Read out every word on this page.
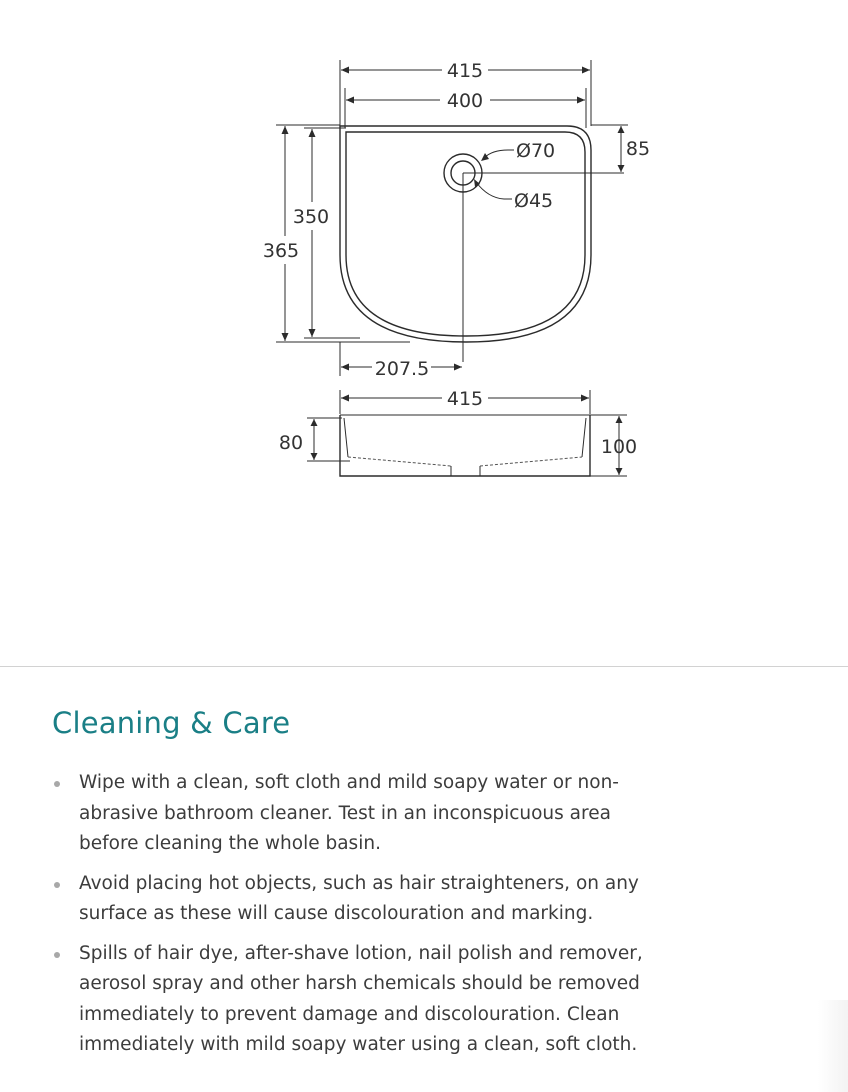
415
400
365
350
85
207.5
Ø70
Ø45
415
80	100
Cleaning & Care
Wipe with a clean, soft cloth and mild soapy water or non-
abrasive bathroom cleaner. Test in an inconspicuous area
before cleaning the whole basin.
Avoid placing hot objects, such as hair straighteners, on any
surface as these will cause discolouration and marking.
Spills of hair dye, after-shave lotion, nail polish and remover,
aerosol spray and other harsh chemicals should be removed
immediately to prevent damage and discolouration. Clean
immediately with mild soapy water using a clean, soft cloth.
